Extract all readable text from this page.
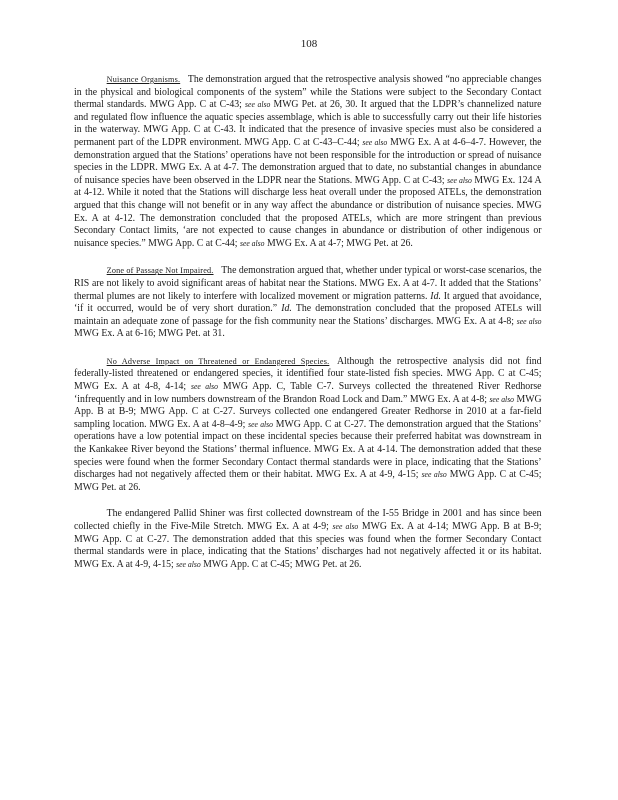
108

Nuisance Organisms. The demonstration argued that the retrospective analysis showed “no appreciable changes in the physical and biological components of the system” while the Stations were subject to the Secondary Contact thermal standards. MWG App. C at C-43; see also MWG Pet. at 26, 30. It argued that the LDPR’s channelized nature and regulated flow influence the aquatic species assemblage, which is able to successfully carry out their life histories in the waterway. MWG App. C at C-43. It indicated that the presence of invasive species must also be considered a permanent part of the LDPR environment. MWG App. C at C-43–C-44; see also MWG Ex. A at 4-6–4-7. However, the demonstration argued that the Stations’ operations have not been responsible for the introduction or spread of nuisance species in the LDPR. MWG Ex. A at 4-7. The demonstration argued that to date, no substantial changes in abundance of nuisance species have been observed in the LDPR near the Stations. MWG App. C at C-43; see also MWG Ex. 124 A at 4-12. While it noted that the Stations will discharge less heat overall under the proposed ATELs, the demonstration argued that this change will not benefit or in any way affect the abundance or distribution of nuisance species. MWG Ex. A at 4-12. The demonstration concluded that the proposed ATELs, which are more stringent than previous Secondary Contact limits, ‘are not expected to cause changes in abundance or distribution of other indigenous or nuisance species.” MWG App. C at C-44; see also MWG Ex. A at 4-7; MWG Pet. at 26.

Zone of Passage Not Impaired. The demonstration argued that, whether under typical or worst-case scenarios, the RIS are not likely to avoid significant areas of habitat near the Stations. MWG Ex. A at 4-7. It added that the Stations’ thermal plumes are not likely to interfere with localized movement or migration patterns. Id. It argued that avoidance, ‘if it occurred, would be of very short duration.” Id. The demonstration concluded that the proposed ATELs will maintain an adequate zone of passage for the fish community near the Stations’ discharges. MWG Ex. A at 4-8; see also MWG Ex. A at 6-16; MWG Pet. at 31.

No Adverse Impact on Threatened or Endangered Species. Although the retrospective analysis did not find federally-listed threatened or endangered species, it identified four state-listed fish species. MWG App. C at C-45; MWG Ex. A at 4-8, 4-14; see also MWG App. C, Table C-7. Surveys collected the threatened River Redhorse ‘infrequently and in low numbers downstream of the Brandon Road Lock and Dam.” MWG Ex. A at 4-8; see also MWG App. B at B-9; MWG App. C at C-27. Surveys collected one endangered Greater Redhorse in 2010 at a far-field sampling location. MWG Ex. A at 4-8–4-9; see also MWG App. C at C-27. The demonstration argued that the Stations’ operations have a low potential impact on these incidental species because their preferred habitat was downstream in the Kankakee River beyond the Stations’ thermal influence. MWG Ex. A at 4-14. The demonstration added that these species were found when the former Secondary Contact thermal standards were in place, indicating that the Stations’ discharges had not negatively affected them or their habitat. MWG Ex. A at 4-9, 4-15; see also MWG App. C at C-45; MWG Pet. at 26.

The endangered Pallid Shiner was first collected downstream of the I-55 Bridge in 2001 and has since been collected chiefly in the Five-Mile Stretch. MWG Ex. A at 4-9; see also MWG Ex. A at 4-14; MWG App. B at B-9; MWG App. C at C-27. The demonstration added that this species was found when the former Secondary Contact thermal standards were in place, indicating that the Stations’ discharges had not negatively affected it or its habitat. MWG Ex. A at 4-9, 4-15; see also MWG App. C at C-45; MWG Pet. at 26.
